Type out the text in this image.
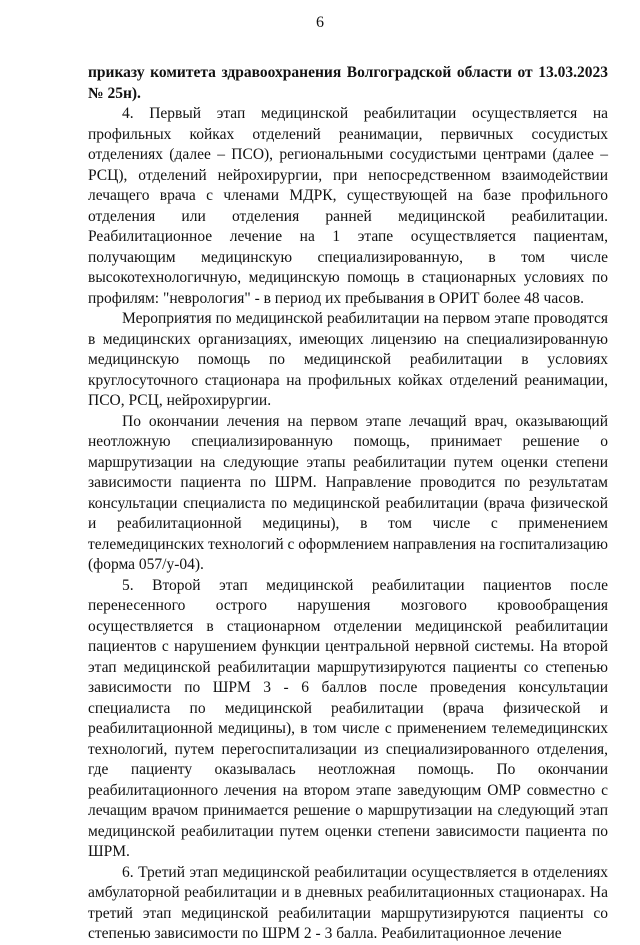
6

приказу комитета здравоохранения Волгоградской области от 13.03.2023 № 25н).

4. Первый этап медицинской реабилитации осуществляется на профильных койках отделений реанимации, первичных сосудистых отделениях (далее – ПСО), региональными сосудистыми центрами (далее – РСЦ), отделений нейрохирургии, при непосредственном взаимодействии лечащего врача с членами МДРК, существующей на базе профильного отделения или отделения ранней медицинской реабилитации. Реабилитационное лечение на 1 этапе осуществляется пациентам, получающим медицинскую специализированную, в том числе высокотехнологичную, медицинскую помощь в стационарных условиях по профилям: "неврология" - в период их пребывания в ОРИТ более 48 часов.

Мероприятия по медицинской реабилитации на первом этапе проводятся в медицинских организациях, имеющих лицензию на специализированную медицинскую помощь по медицинской реабилитации в условиях круглосуточного стационара на профильных койках отделений реанимации, ПСО, РСЦ, нейрохирургии.

По окончании лечения на первом этапе лечащий врач, оказывающий неотложную специализированную помощь, принимает решение о маршрутизации на следующие этапы реабилитации путем оценки степени зависимости пациента по ШРМ. Направление проводится по результатам консультации специалиста по медицинской реабилитации (врача физической и реабилитационной медицины), в том числе с применением телемедицинских технологий с оформлением направления на госпитализацию (форма 057/у-04).

5. Второй этап медицинской реабилитации пациентов после перенесенного острого нарушения мозгового кровообращения осуществляется в стационарном отделении медицинской реабилитации пациентов с нарушением функции центральной нервной системы. На второй этап медицинской реабилитации маршрутизируются пациенты со степенью зависимости по ШРМ 3 - 6 баллов после проведения консультации специалиста по медицинской реабилитации (врача физической и реабилитационной медицины), в том числе с применением телемедицинских технологий, путем перегоспитализации из специализированного отделения, где пациенту оказывалась неотложная помощь. По окончании реабилитационного лечения на втором этапе заведующим ОМР совместно с лечащим врачом принимается решение о маршрутизации на следующий этап медицинской реабилитации путем оценки степени зависимости пациента по ШРМ.

6. Третий этап медицинской реабилитации осуществляется в отделениях амбулаторной реабилитации и в дневных реабилитационных стационарах. На третий этап медицинской реабилитации маршрутизируются пациенты со степенью зависимости по ШРМ 2 - 3 балла. Реабилитационное лечение
